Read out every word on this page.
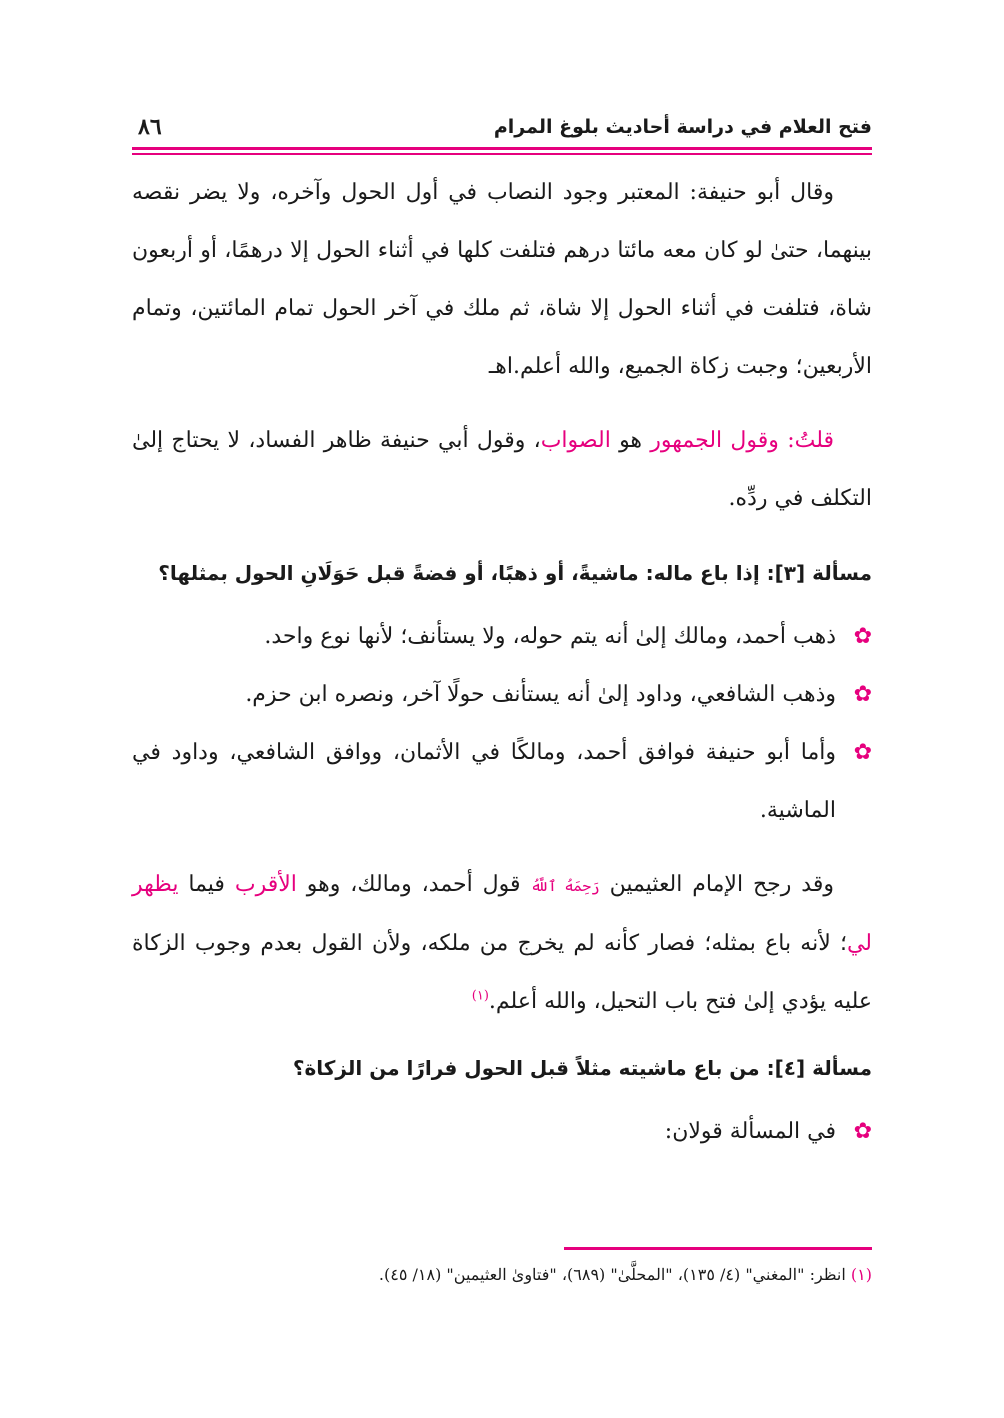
فتح العلام في دراسة أحاديث بلوغ المرام
٨٦

وقال أبو حنيفة: المعتبر وجود النصاب في أول الحول وآخره، ولا يضر نقصه بينهما، حتىٰ لو كان معه مائتا درهم فتلفت كلها في أثناء الحول إلا درهمًا، أو أربعون شاة، فتلفت في أثناء الحول إلا شاة، ثم ملك في آخر الحول تمام المائتين، وتمام الأربعين؛ وجبت زكاة الجميع، والله أعلم.اهـ

قلتُ: وقول الجمهور هو الصواب، وقول أبي حنيفة ظاهر الفساد، لا يحتاج إلىٰ التكلف في ردِّه.

مسألة [٣]: إذا باع ماله: ماشيةً، أو ذهبًا، أو فضةً قبل حَوَلَانِ الحول بمثلها؟
✿

ذهب أحمد، ومالك إلىٰ أنه يتم حوله، ولا يستأنف؛ لأنها نوع واحد.

✿

وذهب الشافعي، وداود إلىٰ أنه يستأنف حولًا آخر، ونصره ابن حزم.

✿

وأما أبو حنيفة فوافق أحمد، ومالكًا في الأثمان، ووافق الشافعي، وداود في الماشية.

وقد رجح الإمام العثيمين رَحِمَهُ ٱللَّهُ قول أحمد، ومالك، وهو الأقرب فيما يظهر لي؛ لأنه باع بمثله؛ فصار كأنه لم يخرج من ملكه، ولأن القول بعدم وجوب الزكاة عليه يؤدي إلىٰ فتح باب التحيل، والله أعلم.$^{(١)}$

مسألة [٤]: من باع ماشيته مثلاً قبل الحول فرارًا من الزكاة؟
✿

في المسألة قولان:

(١) انظر: "المغني" (٤/ ١٣٥)، "المحلَّىٰ" (٦٨٩)، "فتاوىٰ العثيمين" (١٨/ ٤٥).
